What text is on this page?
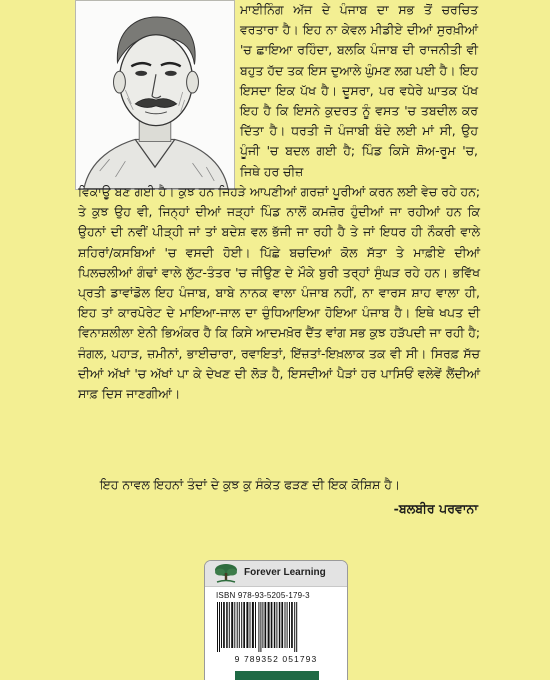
ਮਾਈਨਿੰਗ ਅੱਜ ਦੇ ਪੰਜਾਬ ਦਾ ਸਭ ਤੋਂ ਚਰਚਿਤ ਵਰਤਾਰਾ ਹੈ। ਇਹ ਨਾ ਕੇਵਲ ਮੀਡੀਏ ਦੀਆਂ ਸੁਰਖ਼ੀਆਂ 'ਚ ਛਾਇਆ ਰਹਿੰਦਾ, ਬਲਕਿ ਪੰਜਾਬ ਦੀ ਰਾਜਨੀਤੀ ਵੀ ਬਹੁਤ ਹੱਦ ਤਕ ਇਸ ਦੁਆਲੇ ਘੁੰਮਣ ਲਗ ਪਈ ਹੈ। ਇਹ ਇਸਦਾ ਇਕ ਪੱਖ ਹੈ। ਦੂਸਰਾ, ਪਰ ਵਧੇਰੇ ਘਾਤਕ ਪੱਖ ਇਹ ਹੈ ਕਿ ਇਸਨੇ ਕੁਦਰਤ ਨੂੰ ਵਸਤ 'ਚ ਤਬਦੀਲ ਕਰ ਦਿੱਤਾ ਹੈ। ਧਰਤੀ ਜੋ ਪੰਜਾਬੀ ਬੰਦੇ ਲਈ ਮਾਂ ਸੀ, ਉਹ ਪੂੰਜੀ 'ਚ ਬਦਲ ਗਈ ਹੈ; ਪਿੰਡ ਕਿਸੇ ਸ਼ੋਅ-ਰੂਮ 'ਚ, ਜਿਥੇ ਹਰ ਚੀਜ਼

ਵਿਕਾਊ ਬਣ ਗਈ ਹੈ। ਕੁਝ ਹਨ ਜਿਹੜੇ ਆਪਣੀਆਂ ਗਰਜ਼ਾਂ ਪੂਰੀਆਂ ਕਰਨ ਲਈ ਵੇਚ ਰਹੇ ਹਨ; ਤੇ ਕੁਝ ਉਹ ਵੀ, ਜਿਨ੍ਹਾਂ ਦੀਆਂ ਜੜ੍ਹਾਂ ਪਿੰਡ ਨਾਲੋਂ ਕਮਜ਼ੋਰ ਹੁੰਦੀਆਂ ਜਾ ਰਹੀਆਂ ਹਨ ਕਿ ਉਹਨਾਂ ਦੀ ਨਵੀਂ ਪੀੜ੍ਹੀ ਜਾਂ ਤਾਂ ਬਦੇਸ਼ ਵਲ ਭੱਜੀ ਜਾ ਰਹੀ ਹੈ ਤੇ ਜਾਂ ਇਧਰ ਹੀ ਨੌਕਰੀ ਵਾਲੇ ਸ਼ਹਿਰਾਂ/ਕਸਬਿਆਂ 'ਚ ਵਸਦੀ ਹੋਈ। ਪਿੱਛੇ ਬਚਦਿਆਂ ਕੋਲ ਸੱਤਾ ਤੇ ਮਾਫ਼ੀਏ ਦੀਆਂ ਪਿਲਚਲੀਆਂ ਗੰਢਾਂ ਵਾਲੇ ਲੁੱਟ-ਤੰਤਰ 'ਚ ਜੀਉਣ ਦੇ ਮੌਕੇ ਬੁਰੀ ਤਰ੍ਹਾਂ ਸੁੰਘੜ ਰਹੇ ਹਨ। ਭਵਿੱਖ ਪ੍ਰਤੀ ਡਾਵਾਂਡੋਲ ਇਹ ਪੰਜਾਬ, ਬਾਬੇ ਨਾਨਕ ਵਾਲਾ ਪੰਜਾਬ ਨਹੀਂ, ਨਾ ਵਾਰਸ ਸ਼ਾਹ ਵਾਲਾ ਹੀ, ਇਹ ਤਾਂ ਕਾਰਪੋਰੇਟ ਦੇ ਮਾਇਆ-ਜਾਲ ਦਾ ਚੁੰਧਿਆਇਆ ਹੋਇਆ ਪੰਜਾਬ ਹੈ। ਇਥੇ ਖਪਤ ਦੀ ਵਿਨਾਸ਼ਲੀਲਾ ਏਨੀ ਭਿਅੰਕਰ ਹੈ ਕਿ ਕਿਸੇ ਆਦਮਖ਼ੋਰ ਦੈਂਤ ਵਾਂਗ ਸਭ ਕੁਝ ਹੜੱਪਦੀ ਜਾ ਰਹੀ ਹੈ; ਜੰਗਲ, ਪਹਾੜ, ਜ਼ਮੀਨਾਂ, ਭਾਈਚਾਰਾ, ਰਵਾਇਤਾਂ, ਇੱਜ਼ਤਾਂ-ਇਖ਼ਲਾਕ ਤਕ ਵੀ ਸੀ। ਸਿਰਫ਼ ਸੱਚ ਦੀਆਂ ਅੱਖਾਂ 'ਚ ਅੱਖਾਂ ਪਾ ਕੇ ਦੇਖਣ ਦੀ ਲੋੜ ਹੈ, ਇਸਦੀਆਂ ਪੈੜਾਂ ਹਰ ਪਾਸਿਓਂ ਵਲੇਵੇਂ ਲੈਂਦੀਆਂ ਸਾਫ਼ ਦਿਸ ਜਾਣਗੀਆਂ।

ਇਹ ਨਾਵਲ ਇਹਨਾਂ ਤੰਦਾਂ ਦੇ ਕੁਝ ਕੁ ਸੰਕੇਤ ਫੜਣ ਦੀ ਇਕ ਕੋਸ਼ਿਸ਼ ਹੈ।
-ਬਲਬੀਰ ਪਰਵਾਨਾ
Forever Learning
ISBN 978-93-5205-179-3
9 789352 051793
